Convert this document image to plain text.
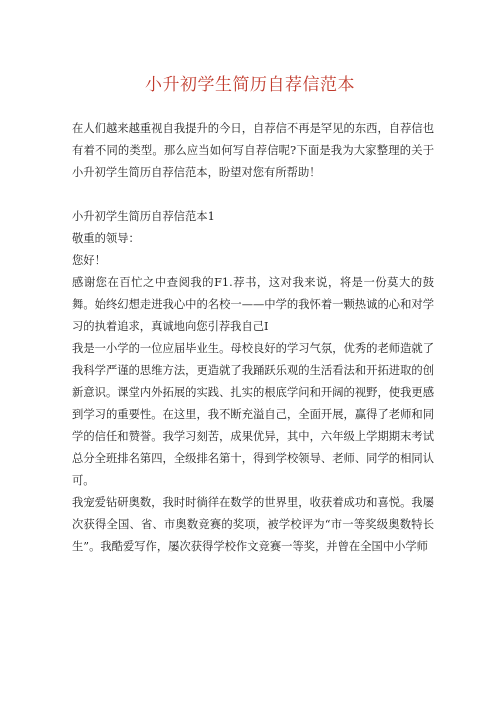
小升初学生简历自荐信范本

在人们越来越重视自我提升的今日，自荐信不再是罕见的东西，自荐信也有着不同的类型。那么应当如何写自荐信呢?下面是我为大家整理的关于小升初学生简历自荐信范本，盼望对您有所帮助！

小升初学生简历自荐信范本1

敬重的领导：

您好！

感谢您在百忙之中查阅我的F1.荐书，这对我来说，将是一份莫大的鼓舞。始终幻想走进我心中的名校一——中学的我怀着一颗热诚的心和对学习的执着追求，真诚地向您引荐我自己I

我是一小学的一位应届毕业生。母校良好的学习气氛，优秀的老师造就了我科学严谨的思维方法，更造就了我踊跃乐观的生活看法和开拓进取的创新意识。课堂内外拓展的实践、扎实的根底学问和开阔的视野，使我更感到学习的重要性。在这里，我不断充溢自己，全面开展，赢得了老师和同学的信任和赞誉。我学习刻苦，成果优异，其中，六年级上学期期末考试总分全班排名第四，全级排名第十，得到学校领导、老师、同学的相同认可。

我宠爱钻研奥数，我时时徜徉在数学的世界里，收获着成功和喜悦。我屡次获得全国、省、市奥数竞赛的奖项，被学校评为“市一等奖级奥数特长生”。我酷爱写作，屡次获得学校作文竞赛一等奖，并曾在全国中小学师
